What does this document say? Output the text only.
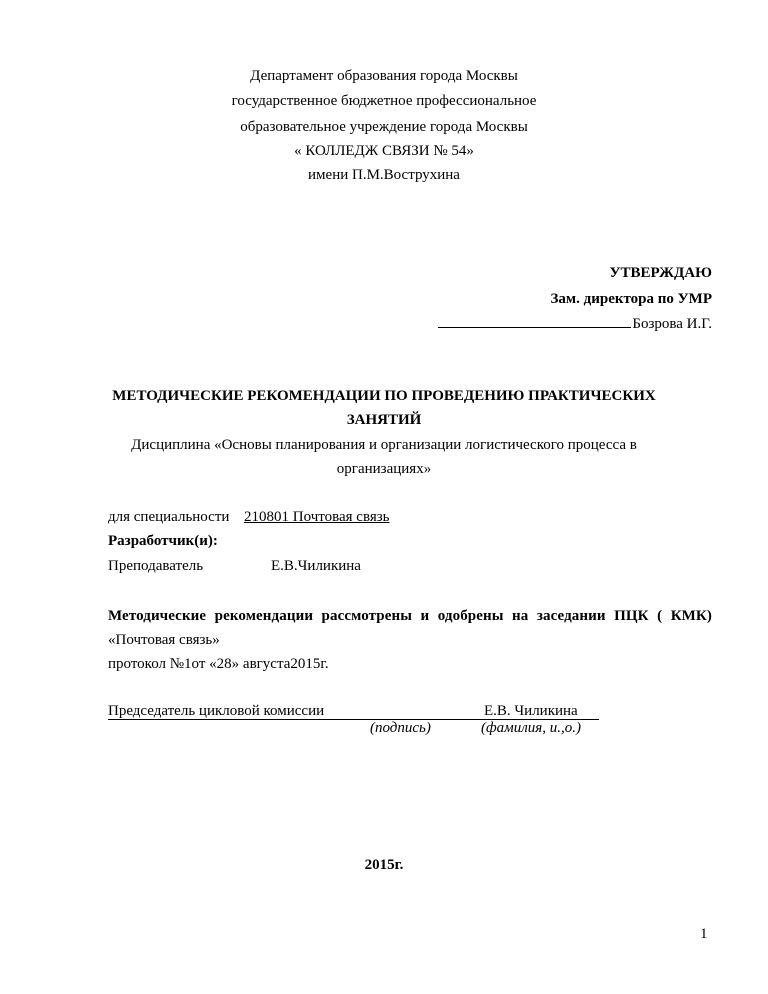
Департамент образования города Москвы
государственное бюджетное профессиональное
образовательное учреждение города Москвы
« КОЛЛЕДЖ СВЯЗИ № 54»
имени П.М.Вострухина
УТВЕРЖДАЮ
Зам. директора по УМР
Бозрова И.Г.
МЕТОДИЧЕСКИЕ РЕКОМЕНДАЦИИ ПО ПРОВЕДЕНИЮ ПРАКТИЧЕСКИХ
ЗАНЯТИЙ
Дисциплина «Основы планирования и организации логистического процесса в
организациях»
для специальности 210801 Почтовая связь
Разработчик(и):
Преподаватель	Е.В.Чиликина
Методические рекомендации рассмотрены и одобрены на заседании ПЦК ( КМК)
«Почтовая связь»
протокол №1от «28» августа2015г.
Председатель цикловой комиссии	Е.В. Чиликина
(подпись)	(фамилия, и.,о.)
2015г.
1
